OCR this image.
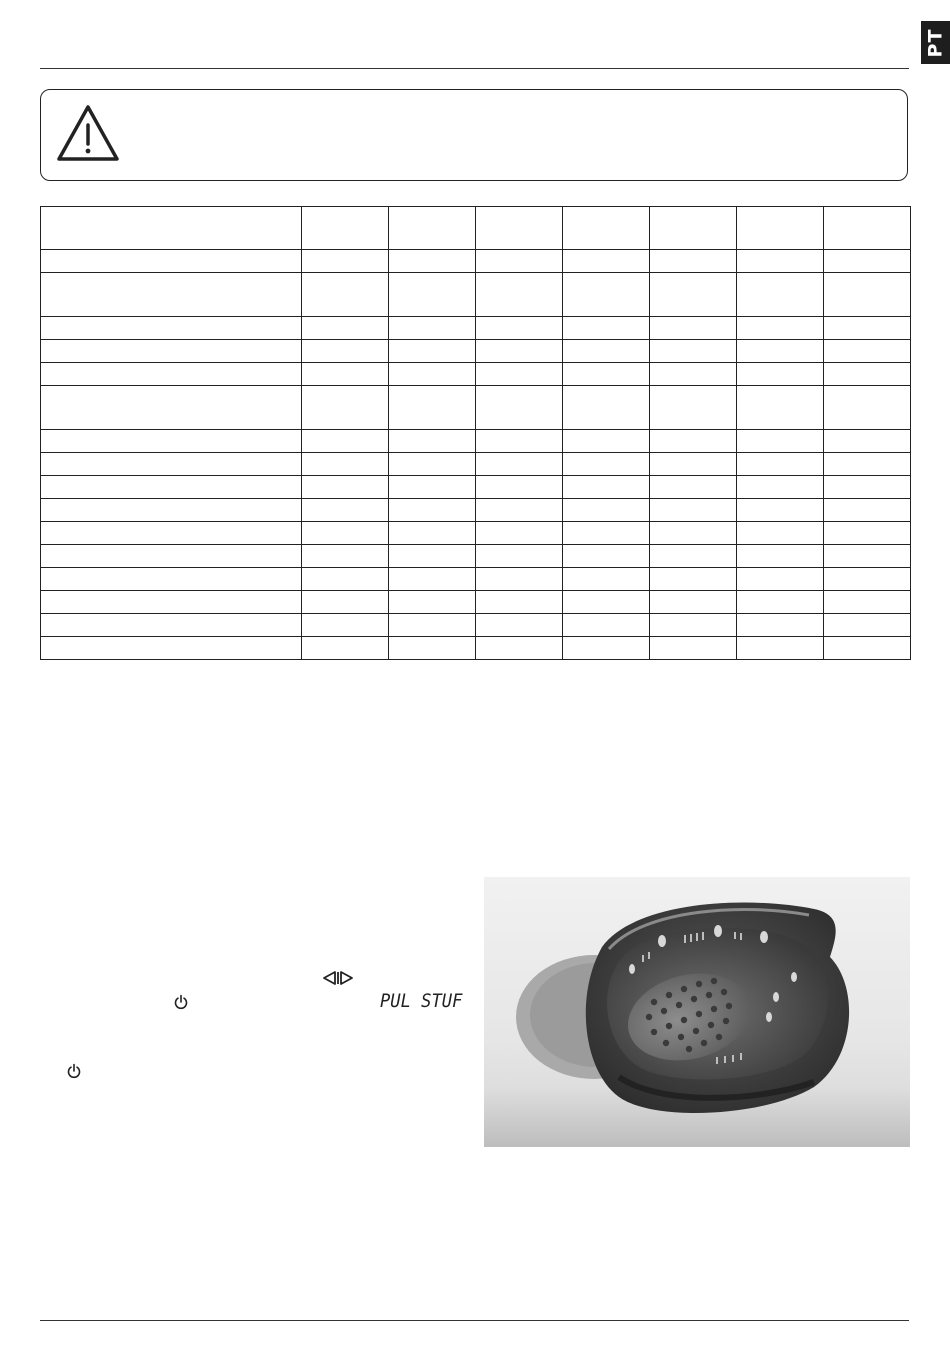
PT

PUL STUF
